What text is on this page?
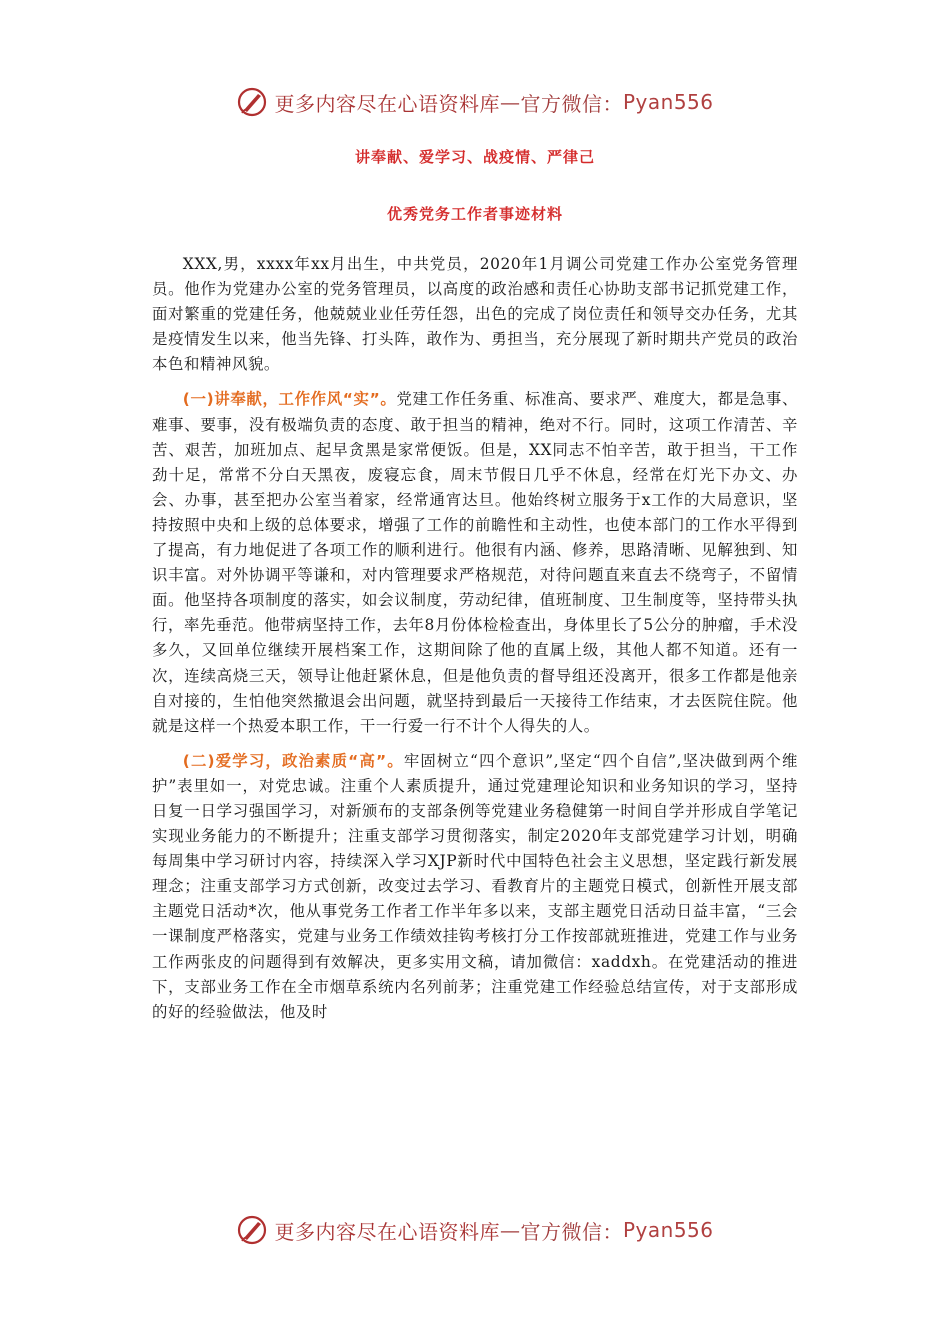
更多内容尽在心语资料库 — 官方微信： Pyan556
讲奉献、爱学习、战疫情、严律己
优秀党务工作者事迹材料

XXX,男，xxxx年xx月出生，中共党员，2020年1月调公司党建工作办公室党务管理员。他作为党建办公室的党务管理员，以高度的政治感和责任心协助支部书记抓党建工作，面对繁重的党建任务，他兢兢业业任劳任怨，出色的完成了岗位责任和领导交办任务，尤其是疫情发生以来，他当先锋、打头阵，敢作为、勇担当，充分展现了新时期共产党员的政治本色和精神风貌。

(一)讲奉献，工作作风“实”。党建工作任务重、标准高、要求严、难度大，都是急事、难事、要事，没有极端负责的态度、敢于担当的精神，绝对不行。同时，这项工作清苦、辛苦、艰苦，加班加点、起早贪黑是家常便饭。但是，XX同志不怕辛苦，敢于担当，干工作劲十足，常常不分白天黑夜，废寝忘食，周末节假日几乎不休息，经常在灯光下办文、办会、办事，甚至把办公室当着家，经常通宵达旦。他始终树立服务于x工作的大局意识，坚持按照中央和上级的总体要求，增强了工作的前瞻性和主动性，也使本部门的工作水平得到了提高，有力地促进了各项工作的顺利进行。他很有内涵、修养，思路清晰、见解独到、知识丰富。对外协调平等谦和，对内管理要求严格规范，对待问题直来直去不绕弯子，不留情面。他坚持各项制度的落实，如会议制度，劳动纪律，值班制度、卫生制度等，坚持带头执行，率先垂范。他带病坚持工作，去年8月份体检检查出，身体里长了5公分的肿瘤，手术没多久，又回单位继续开展档案工作，这期间除了他的直属上级，其他人都不知道。还有一次，连续高烧三天，领导让他赶紧休息，但是他负责的督导组还没离开，很多工作都是他亲自对接的，生怕他突然撤退会出问题，就坚持到最后一天接待工作结束，才去医院住院。他就是这样一个热爱本职工作，干一行爱一行不计个人得失的人。

(二)爱学习，政治素质“高”。牢固树立“四个意识”,坚定“四个自信”,坚决做到两个维护”表里如一，对党忠诚。注重个人素质提升，通过党建理论知识和业务知识的学习，坚持日复一日学习强国学习，对新颁布的支部条例等党建业务稳健第一时间自学并形成自学笔记实现业务能力的不断提升；注重支部学习贯彻落实，制定2020年支部党建学习计划，明确每周集中学习研讨内容，持续深入学习XJP新时代中国特色社会主义思想，坚定践行新发展理念；注重支部学习方式创新，改变过去学习、看教育片的主题党日模式，创新性开展支部主题党日活动*次，他从事党务工作者工作半年多以来，支部主题党日活动日益丰富，“三会一课制度严格落实，党建与业务工作绩效挂钩考核打分工作按部就班推进，党建工作与业务工作两张皮的问题得到有效解决，更多实用文稿，请加微信：xaddxh。在党建活动的推进下，支部业务工作在全市烟草系统内名列前茅；注重党建工作经验总结宣传，对于支部形成的好的经验做法，他及时

更多内容尽在心语资料库 — 官方微信： Pyan556
